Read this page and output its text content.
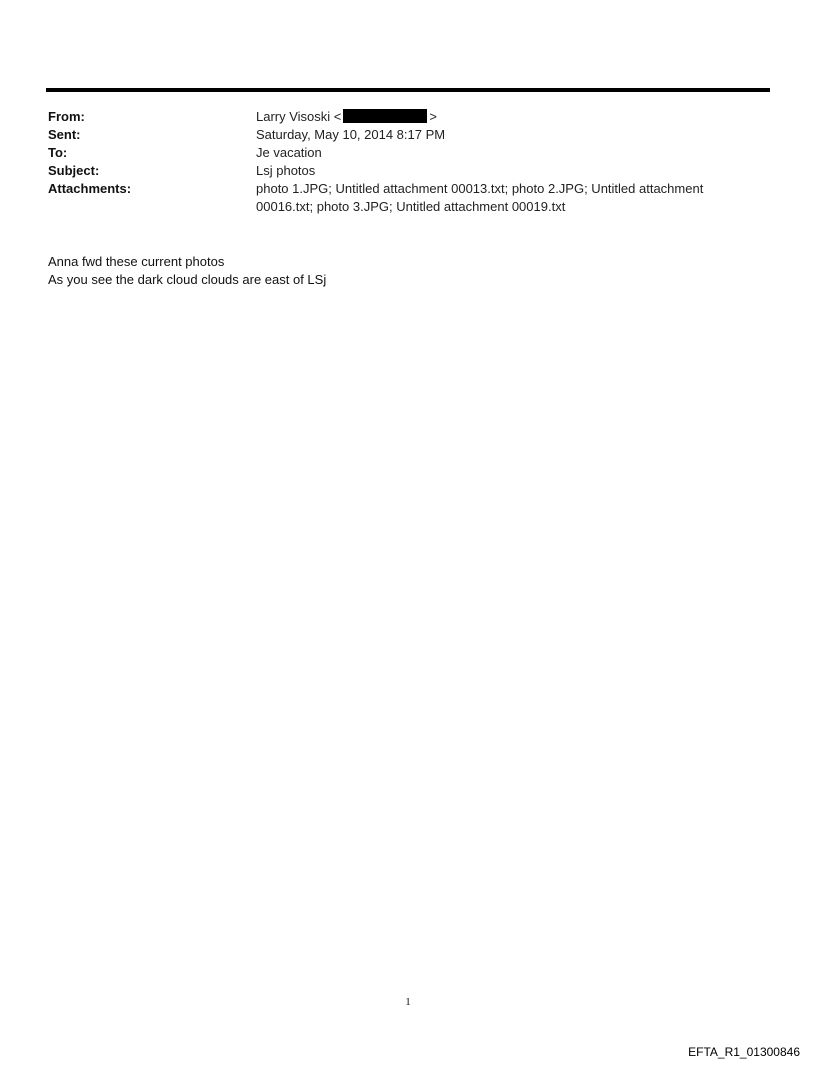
From:	Larry Visoski <	>
Sent:	Saturday, May 10, 2014 8:17 PM
To:	Je vacation
Subject:	Lsj photos
Attachments:	photo 1.JPG; Untitled attachment 00013.txt; photo 2.JPG; Untitled attachment
00016.txt; photo 3.JPG; Untitled attachment 00019.txt
Anna fwd these current photos
As you see the dark cloud clouds are east of LSj
1
EFTA_R1_01300846
